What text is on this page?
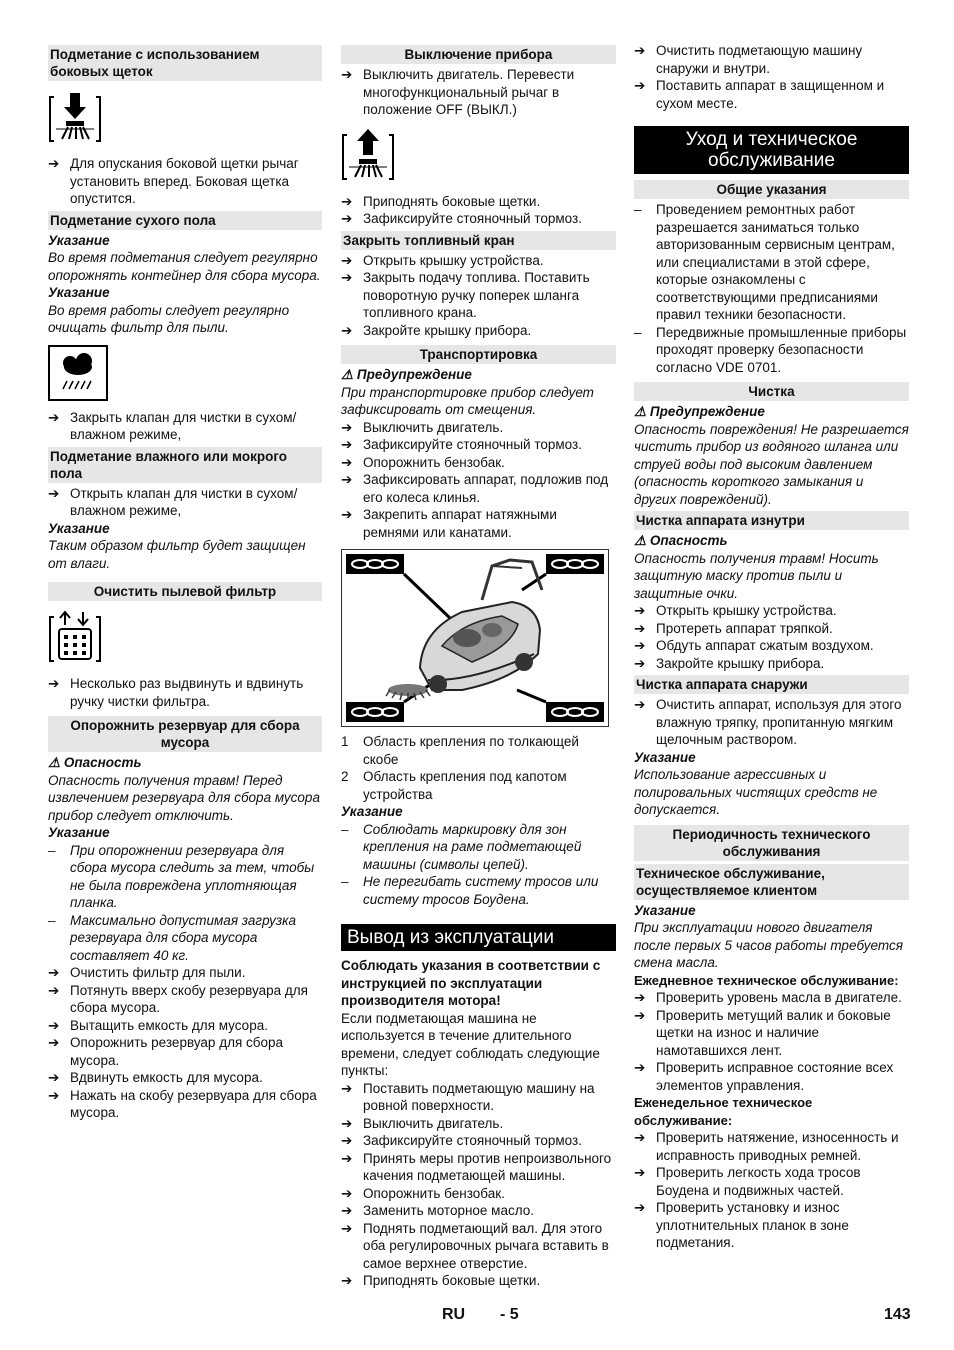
Подметание с использованием боковых щеток
➔ Для опускания боковой щетки рычаг установить вперед. Боковая щетка опустится.
Подметание сухого пола
Указание
Во время подметания следует регулярно опорожнять контейнер для сбора мусора.
Указание
Во время работы следует регулярно очищать фильтр для пыли.
➔ Закрыть клапан для чистки в сухом/влажном режиме,
Подметание влажного или мокрого пола
➔ Открыть клапан для чистки в сухом/влажном режиме,
Указание
Таким образом фильтр будет защищен от влаги.
Очистить пылевой фильтр
➔ Несколько раз выдвинуть и вдвинуть ручку чистки фильтра.
Опорожнить резервуар для сбора мусора
⚠ Опасность
Опасность получения травм! Перед извлечением резервуара для сбора мусора прибор следует отключить.
Указание
– При опорожнении резервуара для сбора мусора следить за тем, чтобы не была повреждена уплотняющая планка.
– Максимально допустимая загрузка резервуара для сбора мусора составляет 40 кг.
➔ Очистить фильтр для пыли.
➔ Потянуть вверх скобу резервуара для сбора мусора.
➔ Вытащить емкость для мусора.
➔ Опорожнить резервуар для сбора мусора.
➔ Вдвинуть емкость для мусора.
➔ Нажать на скобу резервуара для сбора мусора.
Выключение прибора
➔ Выключить двигатель. Перевести многофункциональный рычаг в положение OFF (ВЫКЛ.)
➔ Приподнять боковые щетки.
➔ Зафиксируйте стояночный тормоз.
Закрыть топливный кран
➔ Открыть крышку устройства.
➔ Закрыть подачу топлива. Поставить поворотную ручку поперек шланга топливного крана.
➔ Закройте крышку прибора.
Транспортировка
⚠ Предупреждение
При транспортировке прибор следует зафиксировать от смещения.
➔ Выключить двигатель.
➔ Зафиксируйте стояночный тормоз.
➔ Опорожнить бензобак.
➔ Зафиксировать аппарат, подложив под его колеса клинья.
➔ Закрепить аппарат натяжными ремнями или канатами.
1 Область крепления по толкающей скобе
2 Область крепления под капотом устройства
Указание
– Соблюдать маркировку для зон крепления на раме подметающей машины (символы цепей).
– Не перегибать систему тросов или систему тросов Боудена.
Вывод из эксплуатации
Соблюдать указания в соответствии с инструкцией по эксплуатации производителя мотора!
Если подметающая машина не используется в течение длительного времени, следует соблюдать следующие пункты:
➔ Поставить подметающую машину на ровной поверхности.
➔ Выключить двигатель.
➔ Зафиксируйте стояночный тормоз.
➔ Принять меры против непроизвольного качения подметающей машины.
➔ Опорожнить бензобак.
➔ Заменить моторное масло.
➔ Поднять подметающий вал. Для этого оба регулировочных рычага вставить в самое верхнее отверстие.
➔ Приподнять боковые щетки.
➔ Очистить подметающую машину снаружи и внутри.
➔ Поставить аппарат в защищенном и сухом месте.
Уход и техническое обслуживание
Общие указания
– Проведением ремонтных работ разрешается заниматься только авторизованным сервисным центрам, или специалистами в этой сфере, которые ознакомлены с соответствующими предписаниями правил техники безопасности.
– Передвижные промышленные приборы проходят проверку безопасности согласно VDE 0701.
Чистка
⚠ Предупреждение
Опасность повреждения! Не разрешается чистить прибор из водяного шланга или струей воды под высоким давлением (опасность короткого замыкания и других повреждений).
Чистка аппарата изнутри
⚠ Опасность
Опасность получения травм! Носить защитную маску против пыли и защитные очки.
➔ Открыть крышку устройства.
➔ Протереть аппарат тряпкой.
➔ Обдуть аппарат сжатым воздухом.
➔ Закройте крышку прибора.
Чистка аппарата снаружи
➔ Очистить аппарат, используя для этого влажную тряпку, пропитанную мягким щелочным раствором.
Указание
Использование агрессивных и полировальных чистящих средств не допускается.
Периодичность технического обслуживания
Техническое обслуживание, осуществляемое клиентом
Указание
При эксплуатации нового двигателя после первых 5 часов работы требуется смена масла.
Ежедневное техническое обслуживание:
➔ Проверить уровень масла в двигателе.
➔ Проверить метущий валик и боковые щетки на износ и наличие намотавшихся лент.
➔ Проверить исправное состояние всех элементов управления.
Еженедельное техническое обслуживание:
➔ Проверить натяжение, износенность и исправность приводных ремней.
➔ Проверить легкость хода тросов Боудена и подвижных частей.
➔ Проверить установку и износ уплотнительных планок в зоне подметания.
RU - 5	143
